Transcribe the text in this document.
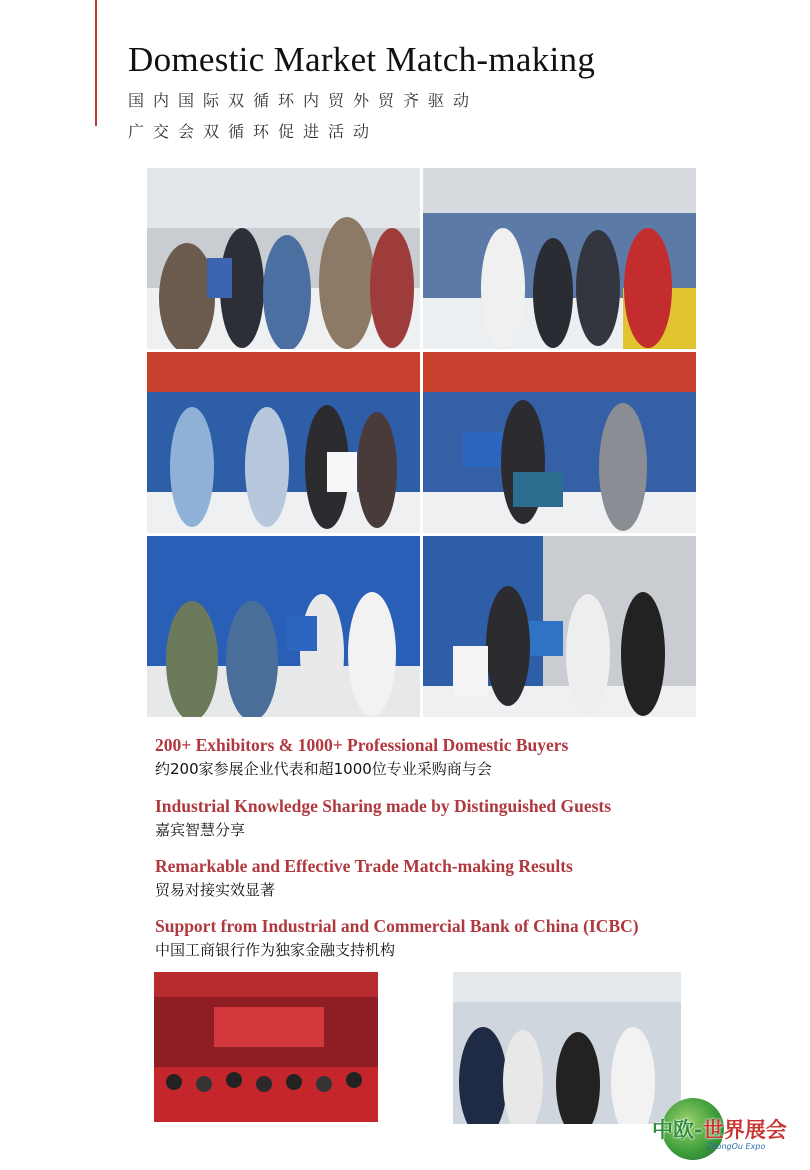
Domestic Market Match-making
国内国际双循环内贸外贸齐驱动
广交会双循环促进活动
200+ Exhibitors & 1000+ Professional Domestic Buyers
约200家参展企业代表和超1000位专业采购商与会
Industrial Knowledge Sharing made by Distinguished Guests
嘉宾智慧分享
Remarkable and Effective Trade Match-making Results
贸易对接实效显著
Support from Industrial and Commercial Bank of China (ICBC)
中国工商银行作为独家金融支持机构
中欧-世界展会
ZhongOu Expo
